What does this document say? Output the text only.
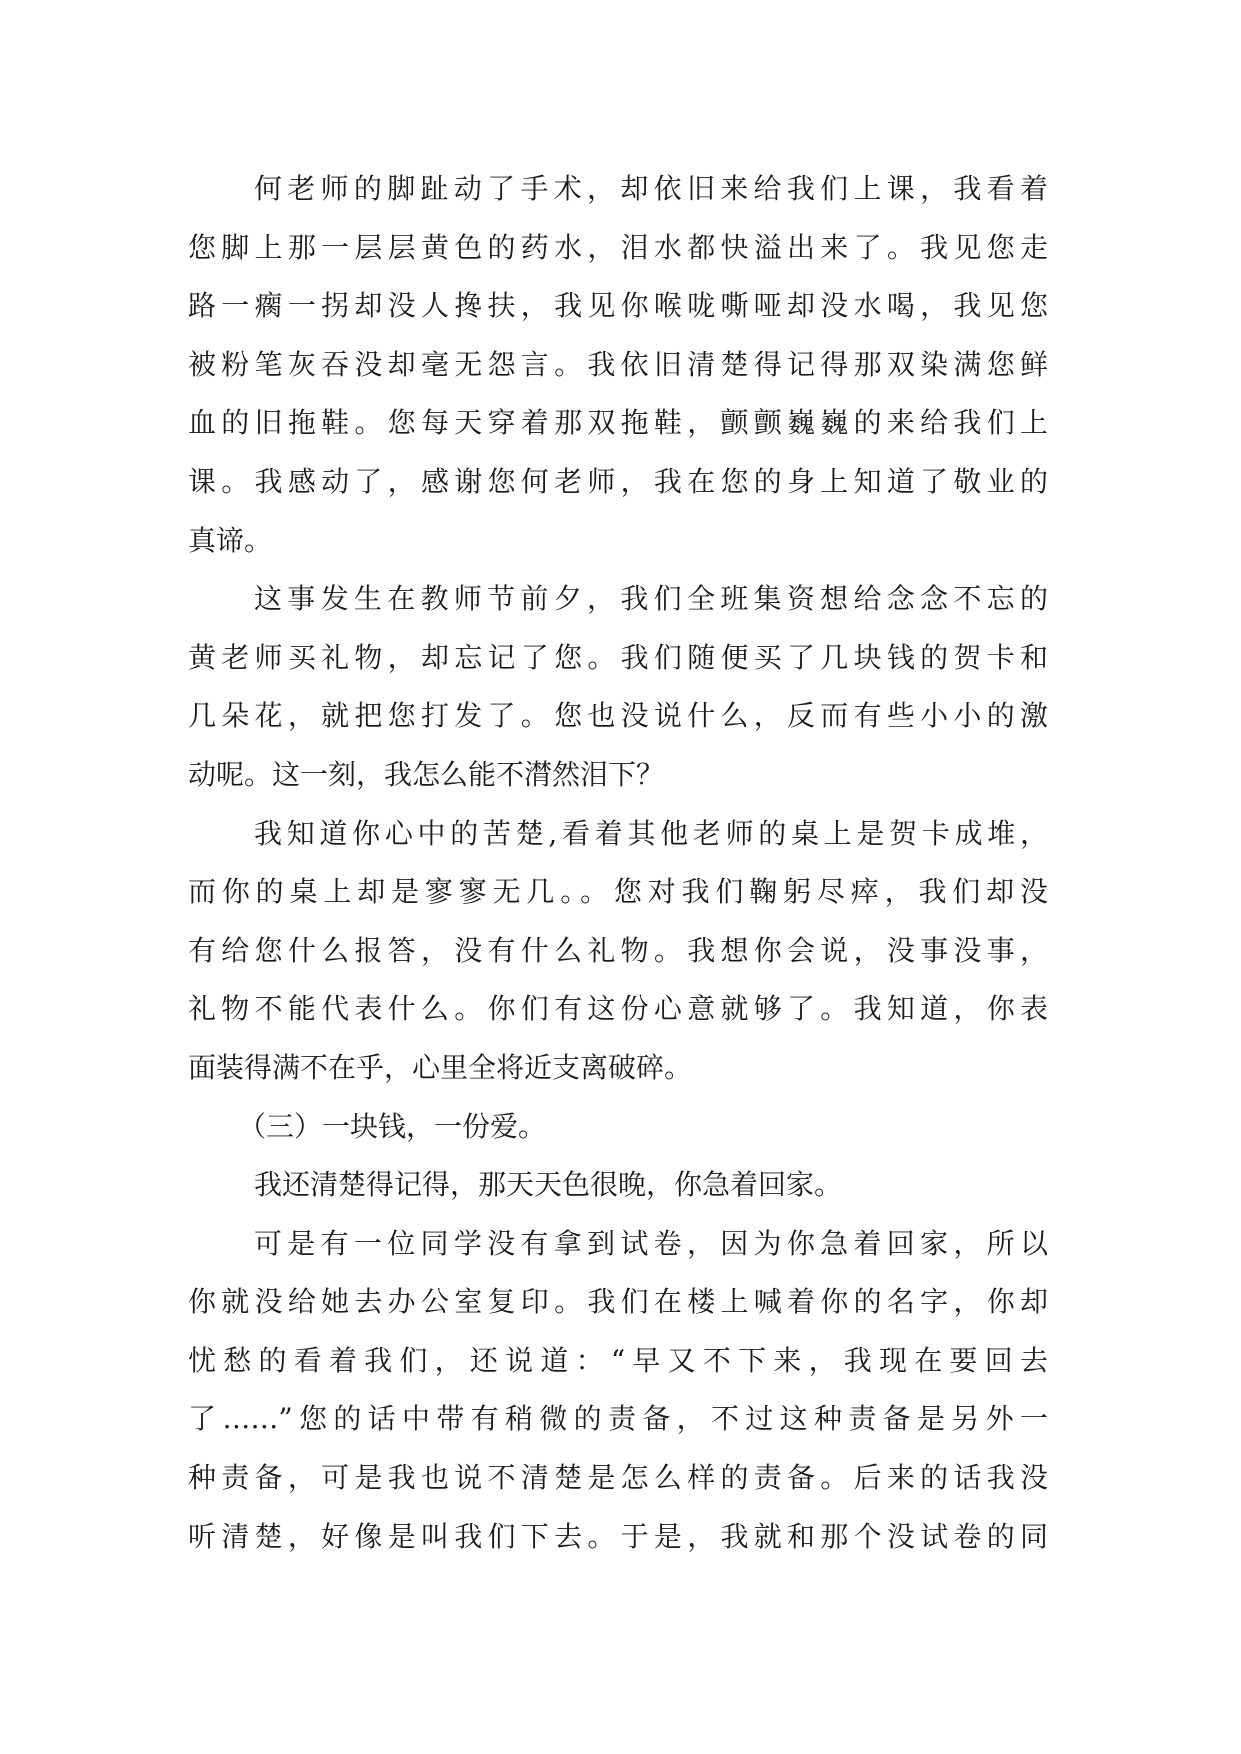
何老师的脚趾动了手术，却依旧来给我们上课，我看着
您脚上那一层层黄色的药水，泪水都快溢出来了。我见您走
路一瘸一拐却没人搀扶，我见你喉咙嘶哑却没水喝，我见您
被粉笔灰吞没却毫无怨言。我依旧清楚得记得那双染满您鲜
血的旧拖鞋。您每天穿着那双拖鞋，颤颤巍巍的来给我们上
课。我感动了，感谢您何老师，我在您的身上知道了敬业的
真谛。
这事发生在教师节前夕，我们全班集资想给念念不忘的
黄老师买礼物，却忘记了您。我们随便买了几块钱的贺卡和
几朵花，就把您打发了。您也没说什么，反而有些小小的激
动呢。这一刻，我怎么能不潸然泪下？
我知道你心中的苦楚,看着其他老师的桌上是贺卡成堆，
而你的桌上却是寥寥无几。。您对我们鞠躬尽瘁，我们却没
有给您什么报答，没有什么礼物。我想你会说，没事没事，
礼物不能代表什么。你们有这份心意就够了。我知道，你表
面装得满不在乎，心里全将近支离破碎。
（三）一块钱，一份爱。
我还清楚得记得，那天天色很晚，你急着回家。
可是有一位同学没有拿到试卷，因为你急着回家，所以
你就没给她去办公室复印。我们在楼上喊着你的名字，你却
忧愁的看着我们，还说道：“早又不下来，我现在要回去
了……”您的话中带有稍微的责备，不过这种责备是另外一
种责备，可是我也说不清楚是怎么样的责备。后来的话我没
听清楚，好像是叫我们下去。于是，我就和那个没试卷的同
